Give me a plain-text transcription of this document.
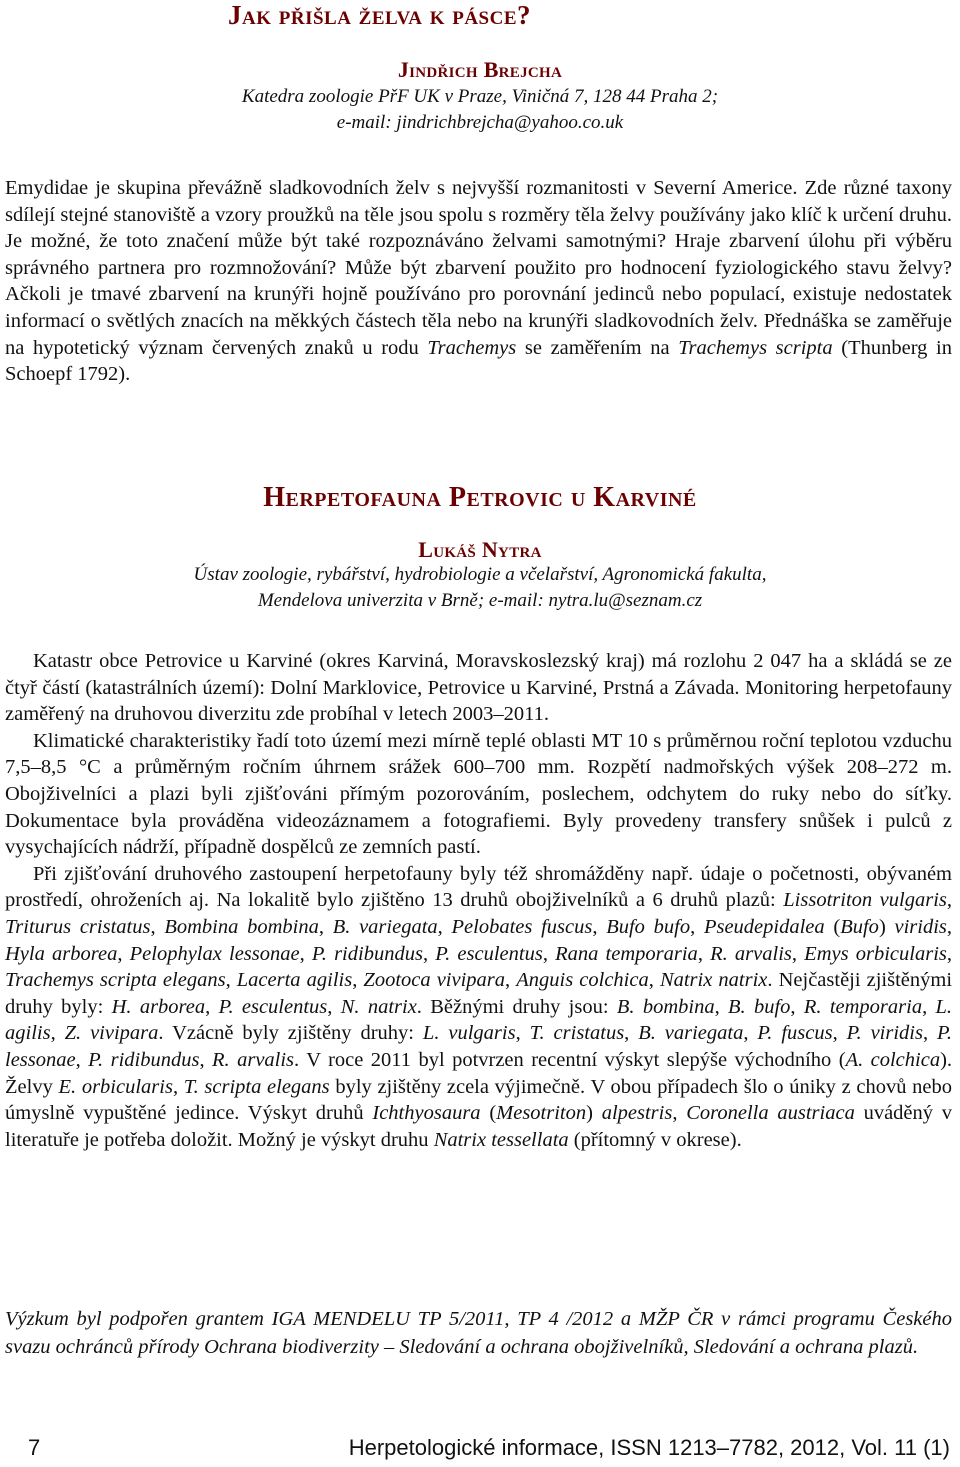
Jak přišla želva k pásce?
Jindřich Brejcha
Katedra zoologie PřF UK v Praze, Viničná 7, 128 44 Praha 2;
e-mail: jindrichbrejcha@yahoo.co.uk

Emydidae je skupina převážně sladkovodních želv s nejvyšší rozmanitosti v Severní Americe. Zde různé taxony sdílejí stejné stanoviště a vzory proužků na těle jsou spolu s rozměry těla želvy používány jako klíč k určení druhu. Je možné, že toto značení může být také rozpoznáváno želvami samotnými? Hraje zbarvení úlohu při výběru správného partnera pro rozmnožování? Může být zbarvení použito pro hodnocení fyziologického stavu želvy? Ačkoli je tmavé zbarvení na krunýři hojně používáno pro porovnání jedinců nebo populací, existuje nedostatek informací o světlých znacích na měkkých částech těla nebo na krunýři sladkovodních želv. Přednáška se zaměřuje na hypotetický význam červených znaků u rodu Trachemys se zaměřením na Trachemys scripta (Thunberg in Schoepf 1792).

Herpetofauna Petrovic u Karviné
Lukáš Nytra
Ústav zoologie, rybářství, hydrobiologie a včelařství, Agronomická fakulta,
Mendelova univerzita v Brně; e-mail: nytra.lu@seznam.cz

Katastr obce Petrovice u Karviné (okres Karviná, Moravskoslezský kraj) má rozlohu 2 047 ha a skládá se ze čtyř částí (katastrálních území): Dolní Marklovice, Petrovice u Karviné, Prstná a Závada. Monitoring herpetofauny zaměřený na druhovou diverzitu zde probíhal v letech 2003–2011.

Klimatické charakteristiky řadí toto území mezi mírně teplé oblasti MT 10 s průměrnou roční teplotou vzduchu 7,5–8,5 °C a průměrným ročním úhrnem srážek 600–700 mm. Rozpětí nadmořských výšek 208–272 m. Obojživelníci a plazi byli zjišťováni přímým pozorováním, poslechem, odchytem do ruky nebo do síťky. Dokumentace byla prováděna videozáznamem a fotografiemi. Byly provedeny transfery snůšek i pulců z vysychajících nádrží, případně dospělců ze zemních pastí.

Při zjišťování druhového zastoupení herpetofauny byly též shromážděny např. údaje o početnosti, obývaném prostředí, ohroženích aj. Na lokalitě bylo zjištěno 13 druhů obojživelníků a 6 druhů plazů: Lissotriton vulgaris, Triturus cristatus, Bombina bombina, B. variegata, Pelobates fuscus, Bufo bufo, Pseudepidalea (Bufo) viridis, Hyla arborea, Pelophylax lessonae, P. ridibundus, P. esculentus, Rana temporaria, R. arvalis, Emys orbicularis, Trachemys scripta elegans, Lacerta agilis, Zootoca vivipara, Anguis colchica, Natrix natrix. Nejčastěji zjištěnými druhy byly: H. arborea, P. esculentus, N. natrix. Běžnými druhy jsou: B. bombina, B. bufo, R. temporaria, L. agilis, Z. vivipara. Vzácně byly zjištěny druhy: L. vulgaris, T. cristatus, B. variegata, P. fuscus, P. viridis, P. lessonae, P. ridibundus, R. arvalis. V roce 2011 byl potvrzen recentní výskyt slepýše východního (A. colchica). Želvy E. orbicularis, T. scripta elegans byly zjištěny zcela výjimečně. V obou případech šlo o úniky z chovů nebo úmyslně vypuštěné jedince. Výskyt druhů Ichthyosaura (Mesotriton) alpestris, Coronella austriaca uváděný v literatuře je potřeba doložit. Možný je výskyt druhu Natrix tessellata (přítomný v okrese).

Výzkum byl podpořen grantem IGA MENDELU TP 5/2011, TP 4 /2012 a MŽP ČR v rámci programu Českého svazu ochránců přírody Ochrana biodiverzity – Sledování a ochrana obojživelníků, Sledování a ochrana plazů.
7	Herpetologické informace, ISSN 1213–7782, 2012, Vol. 11 (1)
